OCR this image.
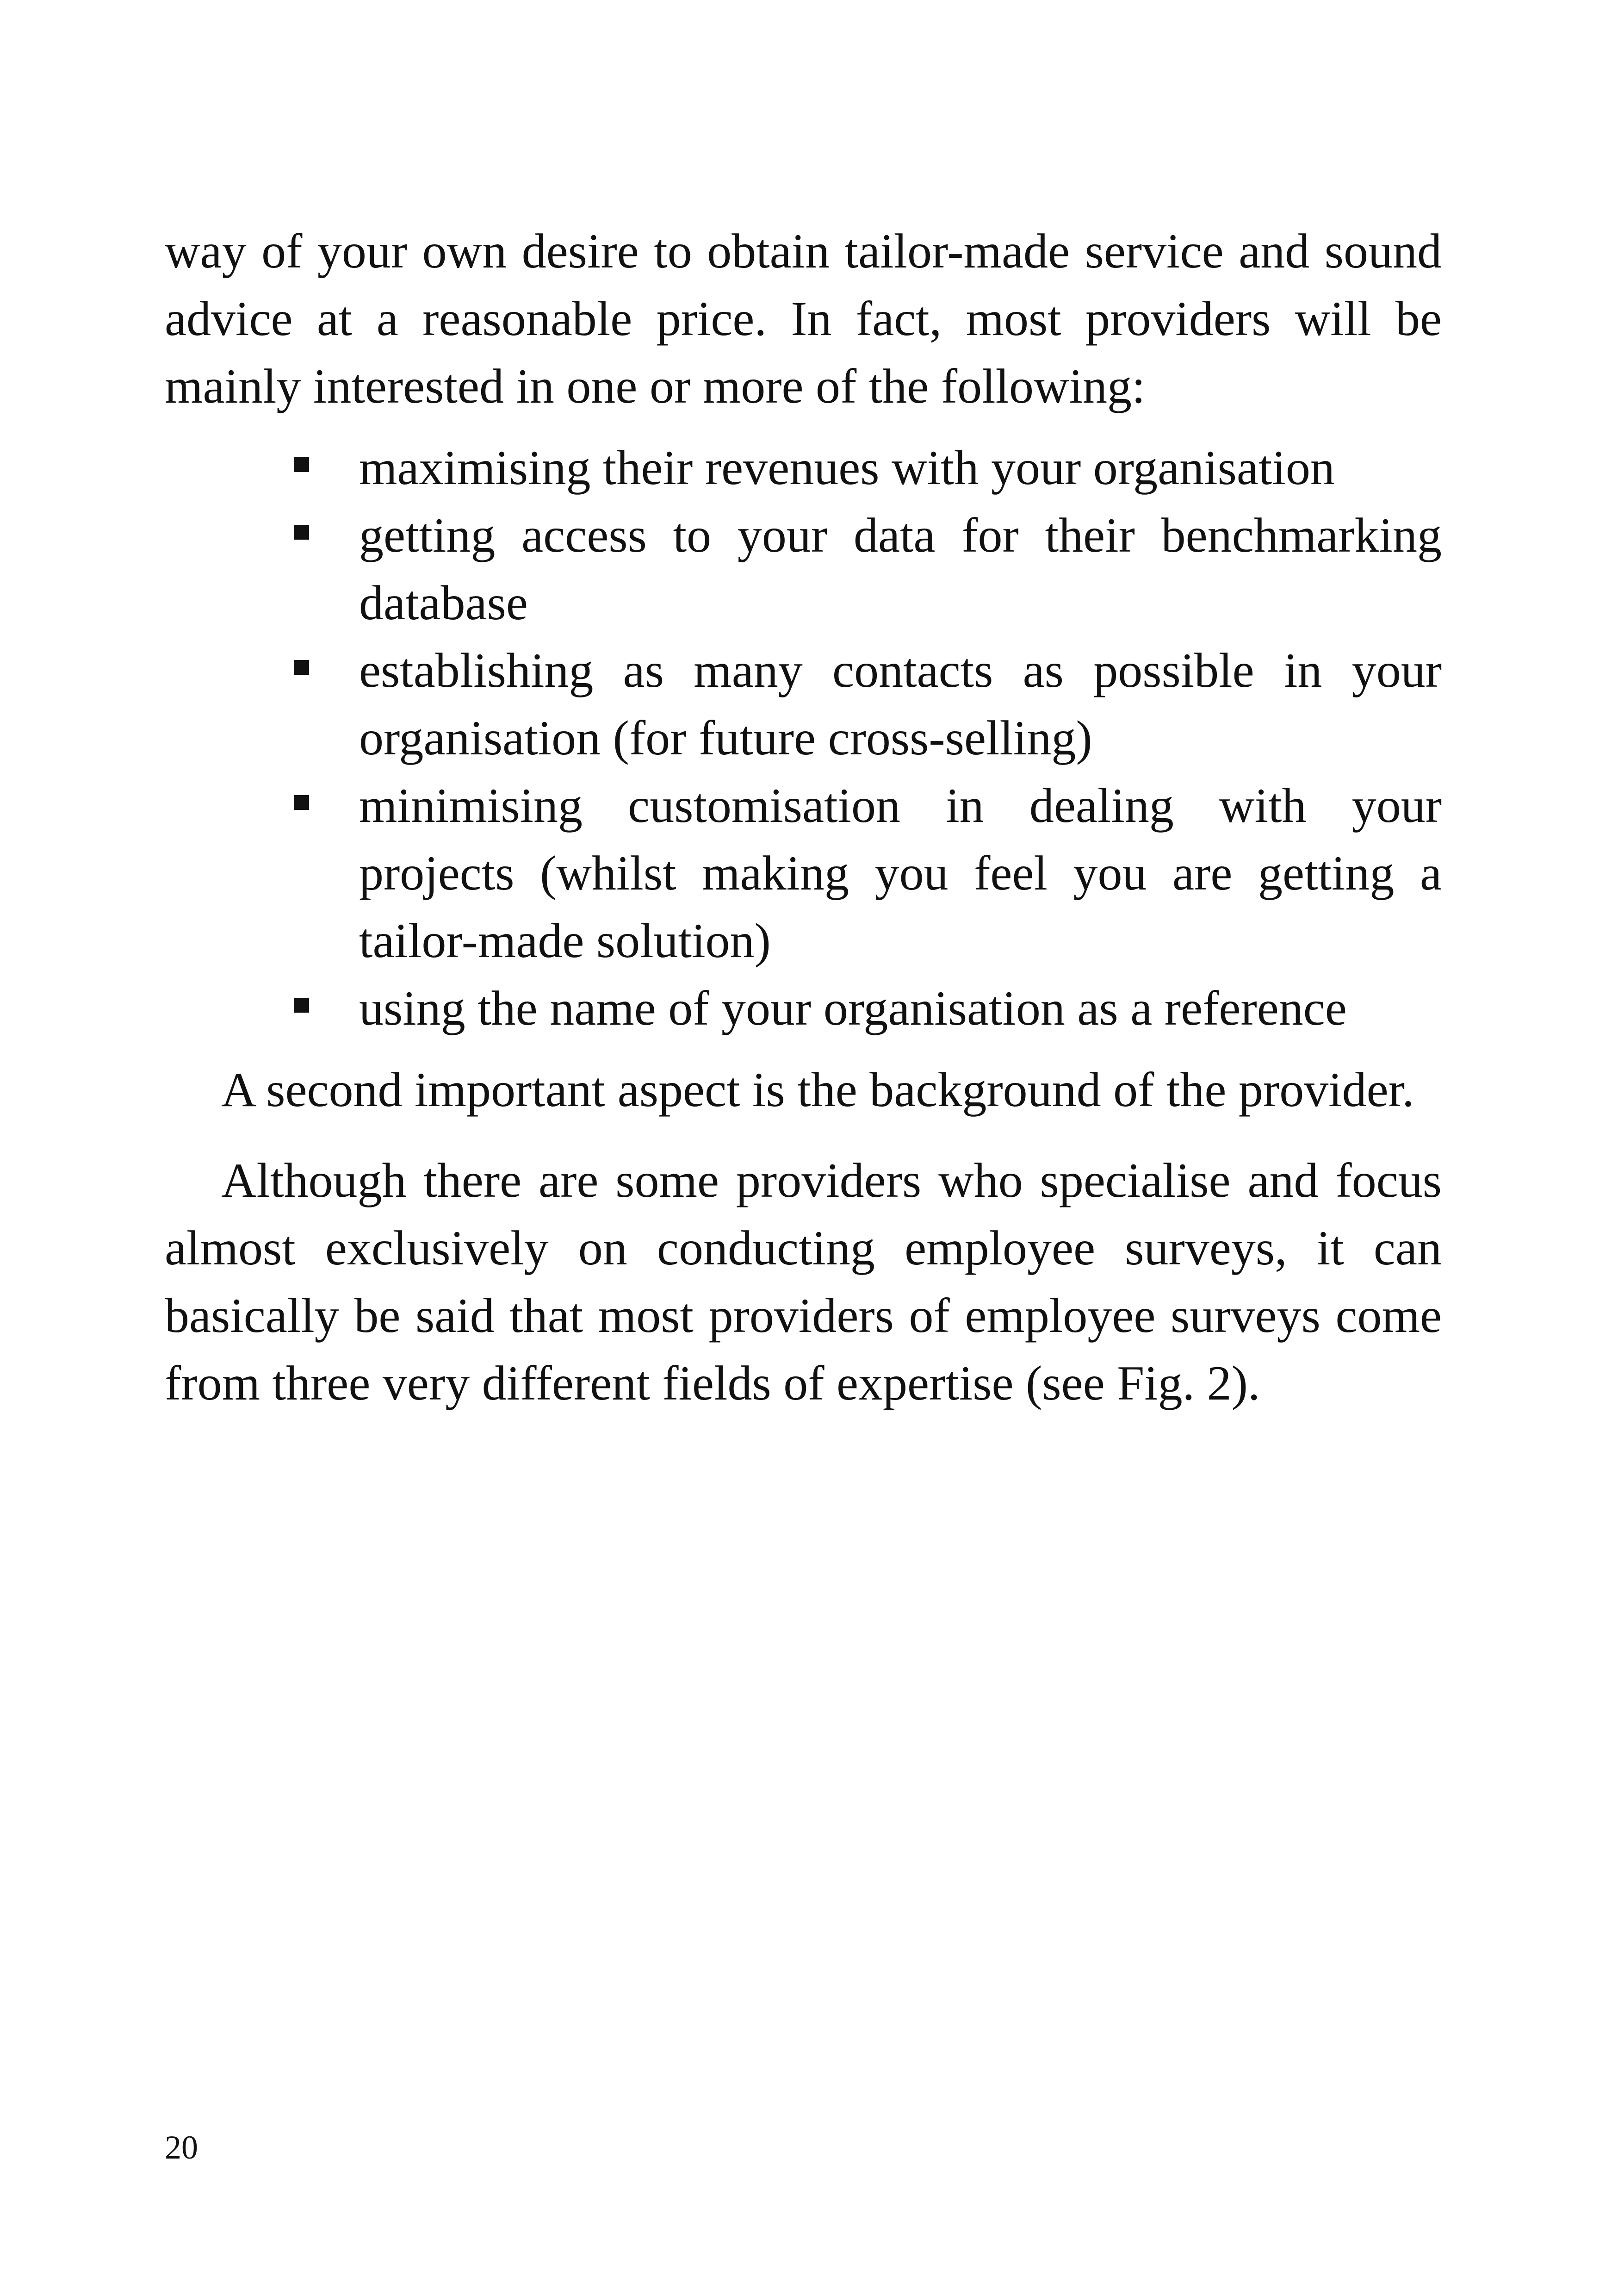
way of your own desire to obtain tailor-made service and sound advice at a reasonable price. In fact, most providers will be mainly interested in one or more of the following:

maximising their revenues with your organisation
getting access to your data for their benchmarking database
establishing as many contacts as possible in your organisation (for future cross-selling)
minimising customisation in dealing with your projects (whilst making you feel you are getting a tailor-made solution)
using the name of your organisation as a reference

A second important aspect is the background of the provider.

Although there are some providers who specialise and focus almost exclusively on conducting employee surveys, it can basically be said that most providers of employee surveys come from three very different fields of expertise (see Fig. 2).

20
